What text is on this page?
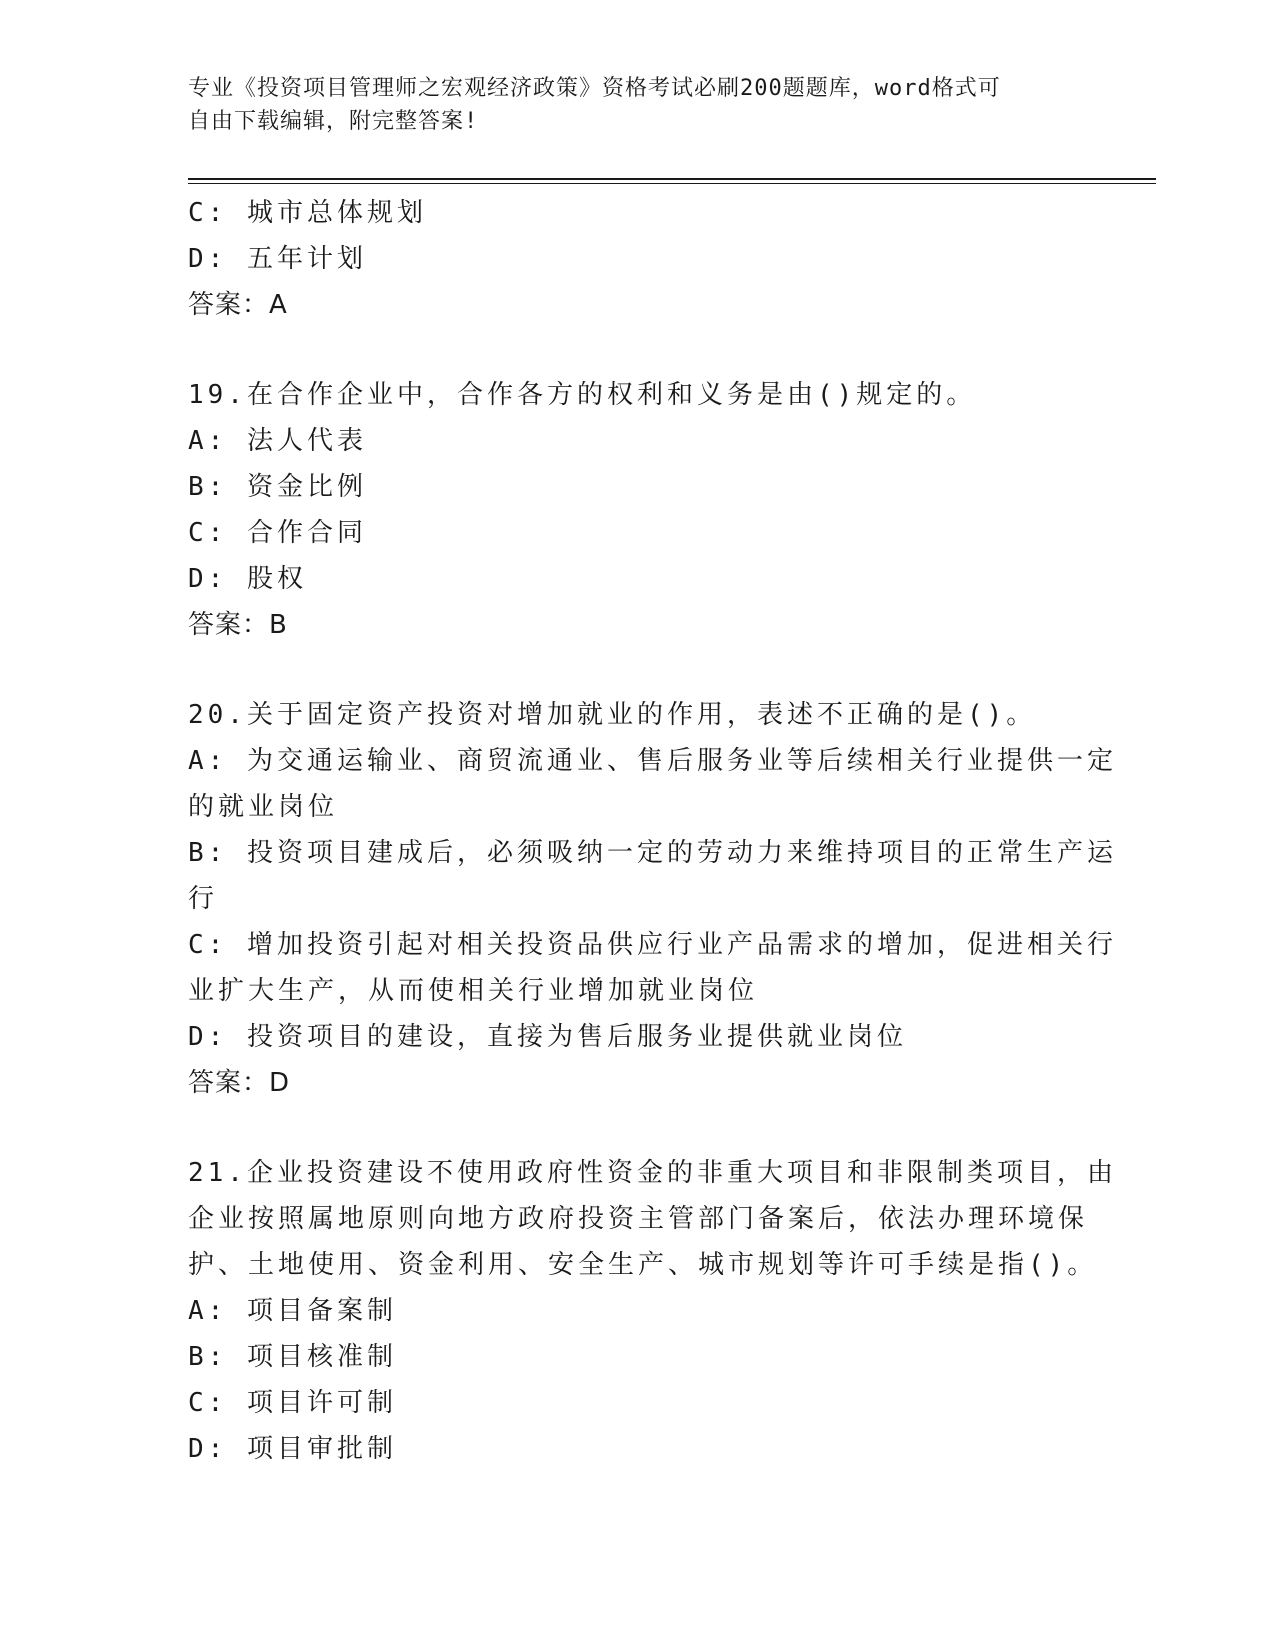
专业《投资项目管理师之宏观经济政策》资格考试必刷200题题库，word格式可
自由下载编辑，附完整答案!
C: 城市总体规划
D: 五年计划
答案：A
19.在合作企业中，合作各方的权利和义务是由()规定的。
A: 法人代表
B: 资金比例
C: 合作合同
D: 股权
答案：B
20.关于固定资产投资对增加就业的作用，表述不正确的是()。
A: 为交通运输业、商贸流通业、售后服务业等后续相关行业提供一定
的就业岗位
B: 投资项目建成后，必须吸纳一定的劳动力来维持项目的正常生产运
行
C: 增加投资引起对相关投资品供应行业产品需求的增加，促进相关行
业扩大生产，从而使相关行业增加就业岗位
D: 投资项目的建设，直接为售后服务业提供就业岗位
答案：D
21.企业投资建设不使用政府性资金的非重大项目和非限制类项目，由
企业按照属地原则向地方政府投资主管部门备案后，依法办理环境保
护、土地使用、资金利用、安全生产、城市规划等许可手续是指()。
A: 项目备案制
B: 项目核准制
C: 项目许可制
D: 项目审批制
